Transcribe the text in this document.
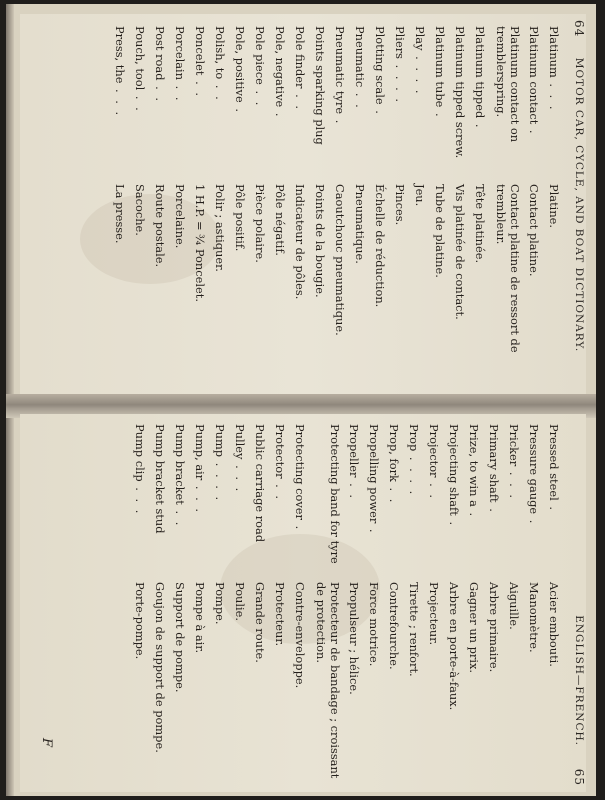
64
MOTOR CAR, CYCLE, AND BOAT DICTIONARY.
Platinum . . .
Platine.
Platinum contact .
Contact platine.
Platinum contact on tremblerspring.
Contact platine de ressort de trembleur.
Platinum tipped .
Tête platinée.
Platinum tipped screw.
Vis platinée de contact.
Platinum tube .
Tube de platine.
Play . . . .
Jeu.
Pliers . . . .
Pinces.
Plotting scale .
Échelle de réduction.
Pneumatic . .
Pneumatique.
Pneumatic tyre .
Caoutchouc pneumatique.
Points sparking plug
Points de la bougie.
Pole finder . .
Indicateur de pôles.
Pole, negative .
Pôle négatif.
Pole piece . .
Pièce polaire.
Pole, positive .
Pôle positif.
Polish, to . .
Polir ; astiquer.
Poncelet . .
1 H.P. = ¾ Poncelet.
Porcelain . .
Porcelaine.
Post road . .
Route postale.
Pouch, tool . .
Sacoche.
Press, the . . .
La presse.
ENGLISH—FRENCH.
65
Pressed steel .
Acier embouti.
Pressure gauge .
Manomètre.
Pricker . . .
Aiguille.
Primary shaft .
Arbre primaire.
Prize, to win a .
Gagner un prix.
Projecting shaft .
Arbre en porte-à-faux.
Projector . .
Projecteur.
Prop . . . .
Tirette ; renfort.
Prop, fork . .
Contrefourche.
Propelling power .
Force motrice.
Propeller . .
Propulseur ; hélice.
Protecting band for tyre
Protecteur de bandage ; croissant de protection.
Protecting cover .
Contre-enveloppe.
Protector . .
Protecteur.
Public carriage road
Grande route.
Pulley . . .
Poulie.
Pump . . . .
Pompe.
Pump, air . . .
Pompe à air.
Pump bracket . .
Support de pompe.
Pump bracket stud
Goujon de support de pompe.
Pump clip . . .
Porte-pompe.
F
